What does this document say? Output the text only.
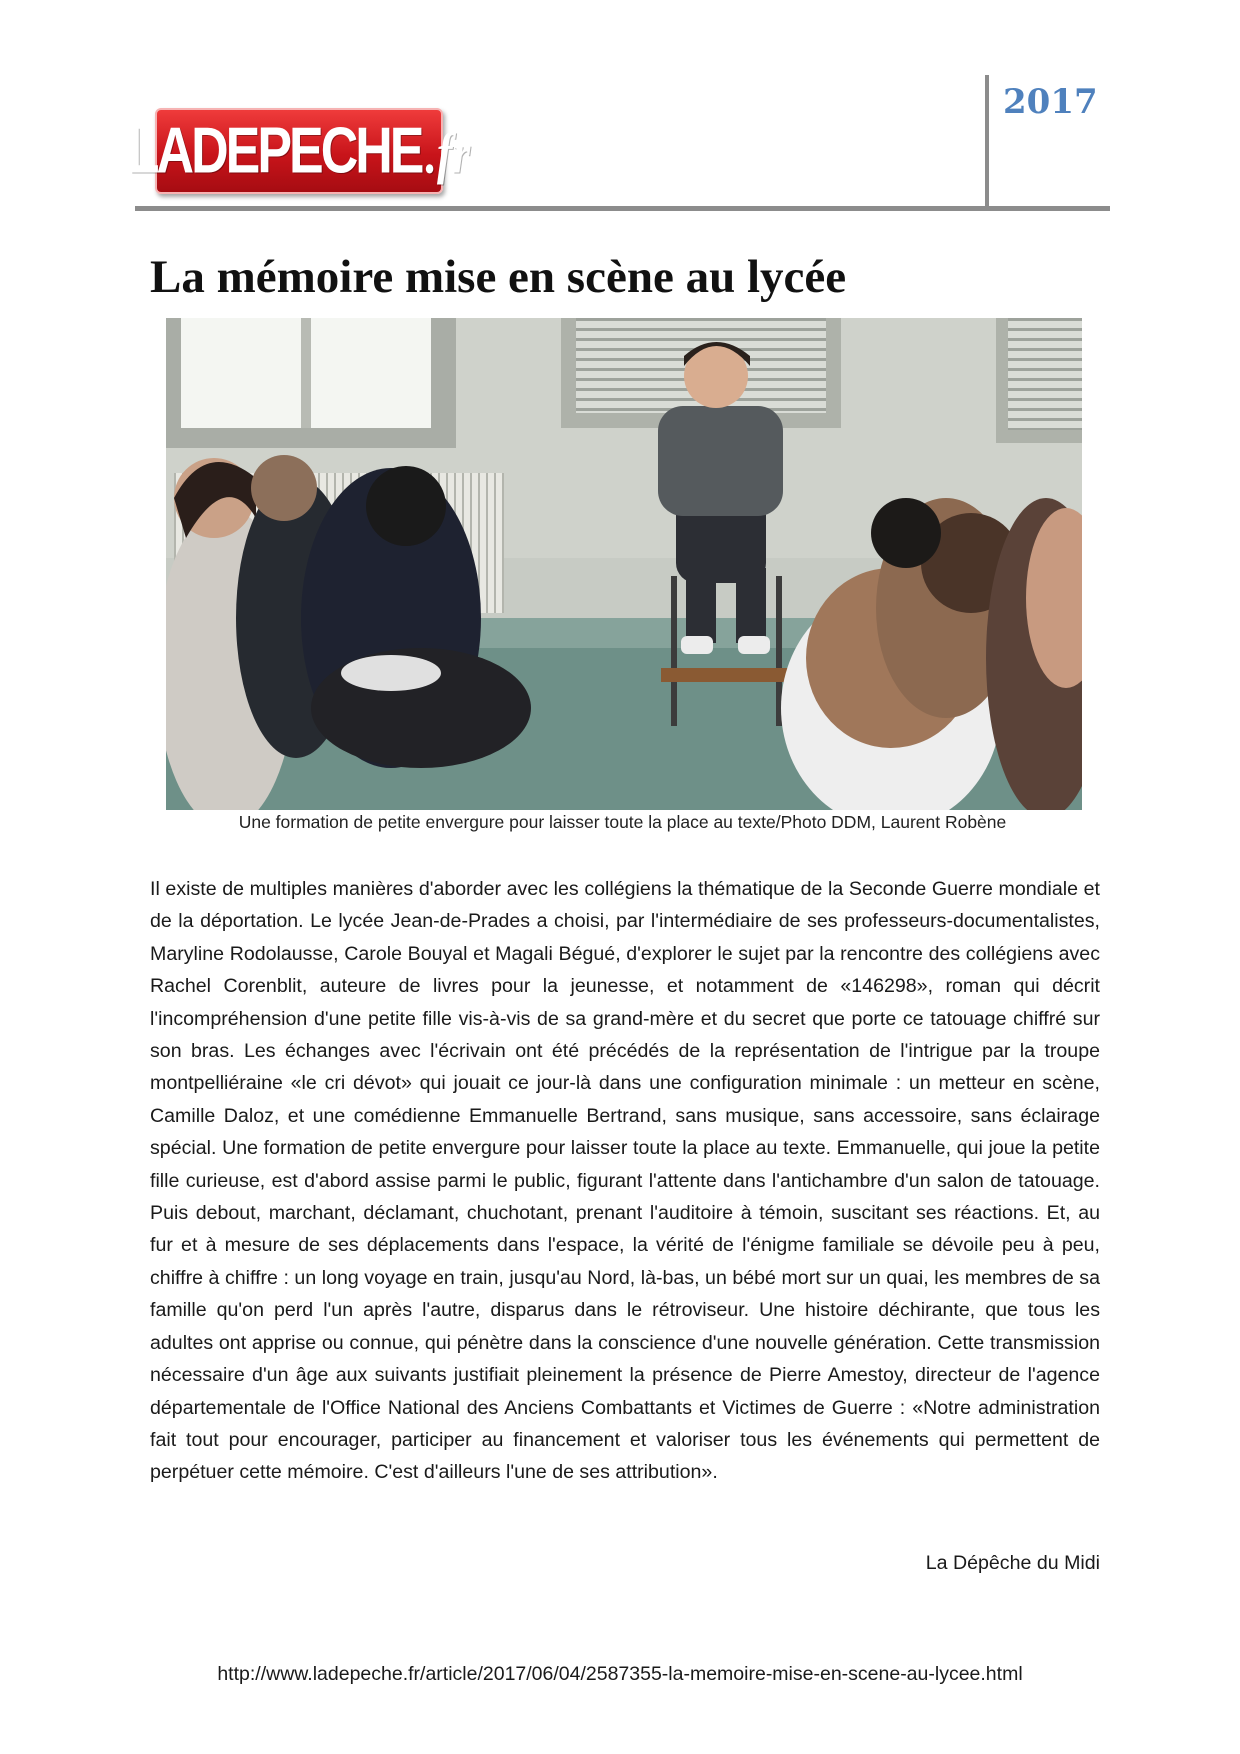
LADEPECHE.fr
2017
La mémoire mise en scène au lycée
Une formation de petite envergure pour laisser toute la place au texte/Photo DDM, Laurent Robène

Il existe de multiples manières d'aborder avec les collégiens la thématique de la Seconde Guerre mondiale et de la déportation. Le lycée Jean-de-Prades a choisi, par l'intermédiaire de ses professeurs-documentalistes, Maryline Rodolausse, Carole Bouyal et Magali Bégué, d'explorer le sujet par la rencontre des collégiens avec Rachel Corenblit, auteure de livres pour la jeunesse, et notamment de «146298», roman qui décrit l'incompréhension d'une petite fille vis-à-vis de sa grand-mère et du secret que porte ce tatouage chiffré sur son bras. Les échanges avec l'écrivain ont été précédés de la représentation de l'intrigue par la troupe montpelliéraine «le cri dévot» qui jouait ce jour-là dans une configuration minimale : un metteur en scène, Camille Daloz, et une comédienne Emmanuelle Bertrand, sans musique, sans accessoire, sans éclairage spécial. Une formation de petite envergure pour laisser toute la place au texte. Emmanuelle, qui joue la petite fille curieuse, est d'abord assise parmi le public, figurant l'attente dans l'antichambre d'un salon de tatouage. Puis debout, marchant, déclamant, chuchotant, prenant l'auditoire à témoin, suscitant ses réactions. Et, au fur et à mesure de ses déplacements dans l'espace, la vérité de l'énigme familiale se dévoile peu à peu, chiffre à chiffre : un long voyage en train, jusqu'au Nord, là-bas, un bébé mort sur un quai, les membres de sa famille qu'on perd l'un après l'autre, disparus dans le rétroviseur. Une histoire déchirante, que tous les adultes ont apprise ou connue, qui pénètre dans la conscience d'une nouvelle génération. Cette transmission nécessaire d'un âge aux suivants justifiait pleinement la présence de Pierre Amestoy, directeur de l'agence départementale de l'Office National des Anciens Combattants et Victimes de Guerre : «Notre administration fait tout pour encourager, participer au financement et valoriser tous les événements qui permettent de perpétuer cette mémoire. C'est d'ailleurs l'une de ses attribution».

La Dépêche du Midi
http://www.ladepeche.fr/article/2017/06/04/2587355-la-memoire-mise-en-scene-au-lycee.html
